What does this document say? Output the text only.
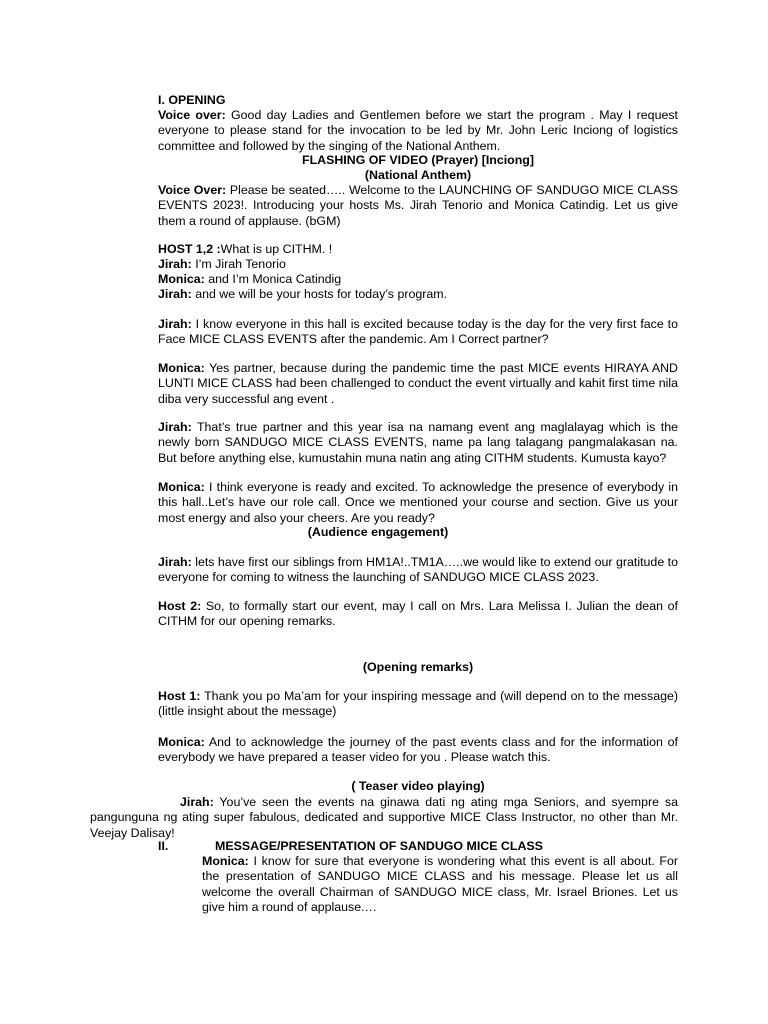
I. OPENING
Voice over: Good day Ladies and Gentlemen before we start the program . May I request everyone to please stand for the invocation to be led by Mr. John Leric Inciong of logistics committee and followed by the singing of the National Anthem.
FLASHING OF VIDEO (Prayer) [Inciong]
(National Anthem)
Voice Over: Please be seated….. Welcome to the LAUNCHING OF SANDUGO MICE CLASS EVENTS 2023!. Introducing your hosts Ms. Jirah Tenorio and Monica Catindig. Let us give them a round of applause. (bGM)
HOST 1,2 :What is up CITHM. !
Jirah: I’m Jirah Tenorio
Monica: and I’m Monica Catindig
Jirah: and we will be your hosts for today’s program.
Jirah: I know everyone in this hall is excited because today is the day for the very first face to Face MICE CLASS EVENTS after the pandemic. Am I Correct partner?
Monica: Yes partner, because during the pandemic time the past MICE events HIRAYA AND LUNTI MICE CLASS had been challenged to conduct the event virtually and kahit first time nila diba very successful ang event .
Jirah: That’s true partner and this year isa na namang event ang maglalayag which is the newly born SANDUGO MICE CLASS EVENTS, name pa lang talagang pangmalakasan na. But before anything else, kumustahin muna natin ang ating CITHM students. Kumusta kayo?
Monica: I think everyone is ready and excited. To acknowledge the presence of everybody in this hall..Let’s have our role call. Once we mentioned your course and section. Give us your most energy and also your cheers. Are you ready?
(Audience engagement)
Jirah: lets have first our siblings from HM1A!..TM1A…..we would like to extend our gratitude to everyone for coming to witness the launching of SANDUGO MICE CLASS 2023.
Host 2: So, to formally start our event, may I call on Mrs. Lara Melissa I. Julian the dean of CITHM for our opening remarks.
(Opening remarks)
Host 1: Thank you po Ma’am for your inspiring message and (will depend on to the message) (little insight about the message)
Monica: And to acknowledge the journey of the past events class and for the information of everybody we have prepared a teaser video for you . Please watch this.
( Teaser video playing)
Jirah: You’ve seen the events na ginawa dati ng ating mga Seniors, and syempre sa pangunguna ng ating super fabulous, dedicated and supportive MICE Class Instructor, no other than Mr. Veejay Dalisay!
II.	MESSAGE/PRESENTATION OF SANDUGO MICE CLASS
Monica: I know for sure that everyone is wondering what this event is all about. For the presentation of SANDUGO MICE CLASS and his message. Please let us all welcome the overall Chairman of SANDUGO MICE class, Mr. Israel Briones. Let us give him a round of applause.…
